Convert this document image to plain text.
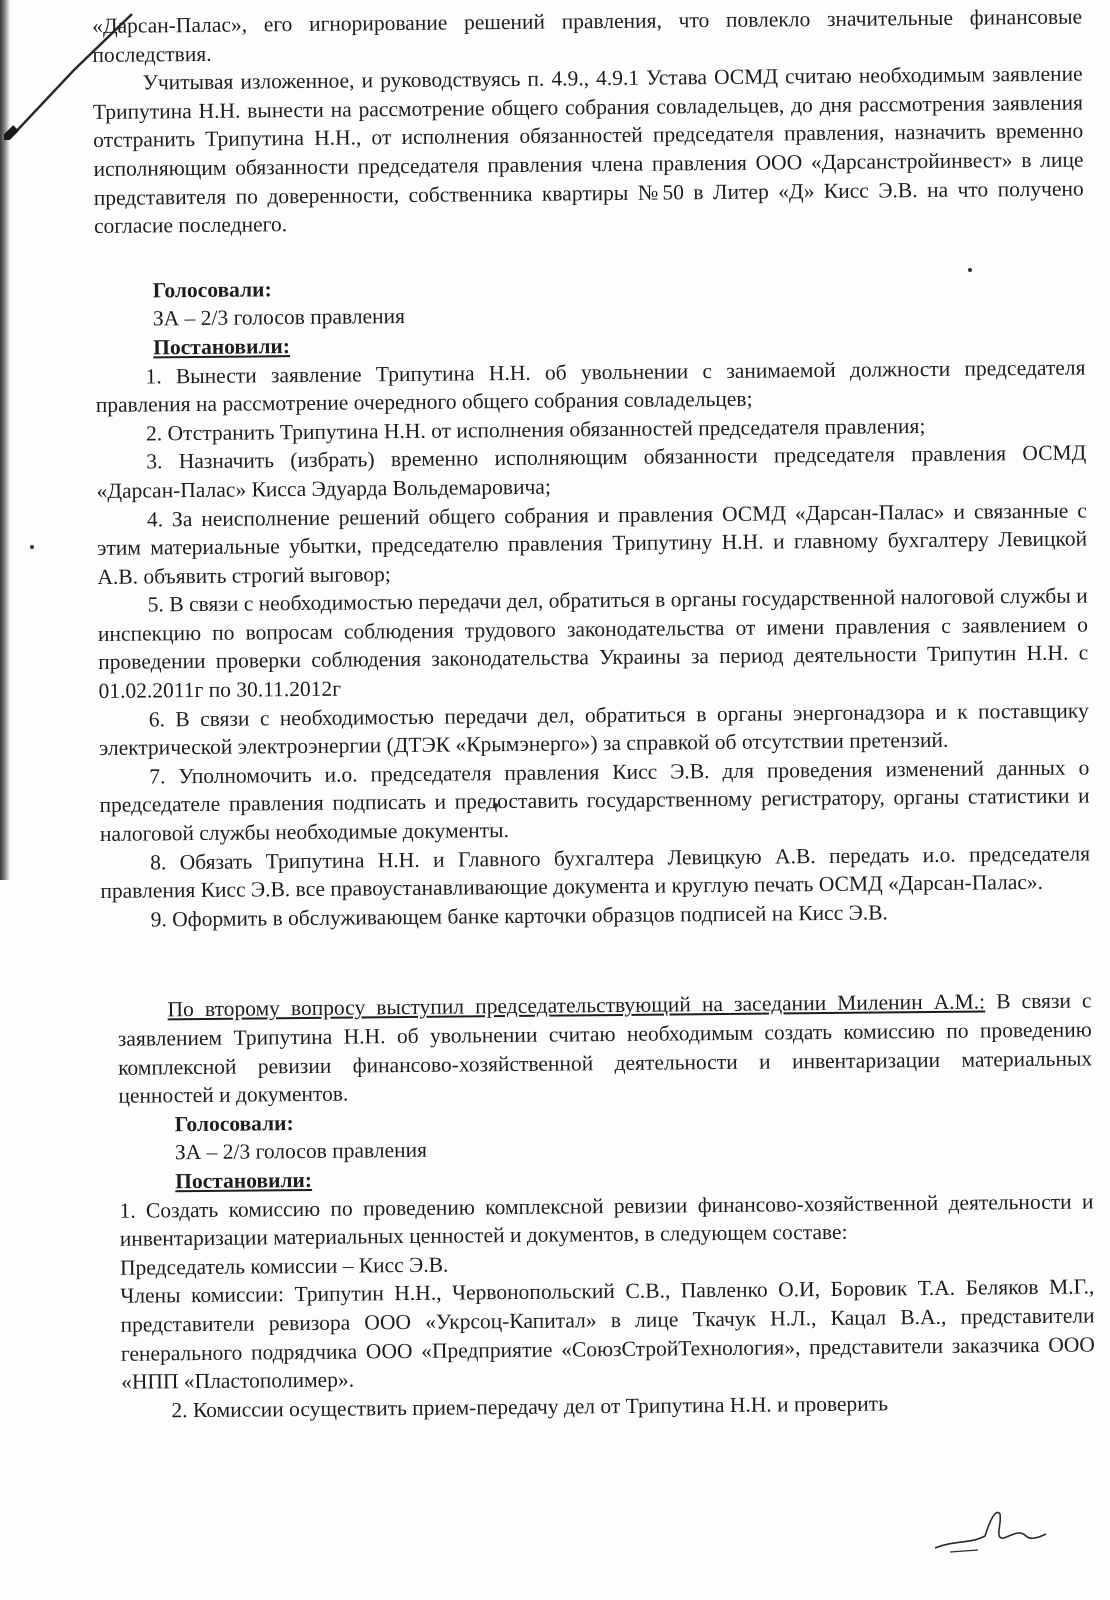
«Дарсан-Палас», его игнорирование решений правления, что повлекло значительные финансовые последствия.

Учитывая изложенное, и руководствуясь п. 4.9., 4.9.1 Устава ОСМД считаю необходимым заявление Трипутина Н.Н. вынести на рассмотрение общего собрания совладельцев, до дня рассмотрения заявления отстранить Трипутина Н.Н., от исполнения обязанностей председателя правления, назначить временно исполняющим обязанности председателя правления члена правления ООО «Дарсанстройинвест» в лице представителя по доверенности, собственника квартиры №50 в Литер «Д» Кисс Э.В. на что получено согласие последнего.

Голосовали:

ЗА – 2/3 голосов правления

Постановили:

1. Вынести заявление Трипутина Н.Н. об увольнении с занимаемой должности председателя правления на рассмотрение очередного общего собрания совладельцев;

2. Отстранить Трипутина Н.Н. от исполнения обязанностей председателя правления;

3. Назначить (избрать) временно исполняющим обязанности председателя правления ОСМД «Дарсан-Палас» Кисса Эдуарда Вольдемаровича;

4. За неисполнение решений общего собрания и правления ОСМД «Дарсан-Палас» и связанные с этим материальные убытки, председателю правления Трипутину Н.Н. и главному бухгалтеру Левицкой А.В. объявить строгий выговор;

5. В связи с необходимостью передачи дел, обратиться в органы государственной налоговой службы и инспекцию по вопросам соблюдения трудового законодательства от имени правления с заявлением о проведении проверки соблюдения законодательства Украины за период деятельности Трипутин Н.Н. с 01.02.2011г по 30.11.2012г

6. В связи с необходимостью передачи дел, обратиться в органы энергонадзора и к поставщику электрической электроэнергии (ДТЭК «Крымэнерго») за справкой об отсутствии претензий.

7. Уполномочить и.о. председателя правления Кисс Э.В. для проведения изменений данных о председателе правления подписать и предоставить государственному регистратору, органы статистики и налоговой службы необходимые документы.

8. Обязать Трипутина Н.Н. и Главного бухгалтера Левицкую А.В. передать и.о. председателя правления Кисс Э.В. все правоустанавливающие документа и круглую печать ОСМД «Дарсан-Палас».

9. Оформить в обслуживающем банке карточки образцов подписей на Кисс Э.В.

По второму вопросу выступил председательствующий на заседании Миленин А.М.: В связи с заявлением Трипутина Н.Н. об увольнении считаю необходимым создать комиссию по проведению комплексной ревизии финансово-хозяйственной деятельности и инвентаризации материальных ценностей и документов.

Голосовали:

ЗА – 2/3 голосов правления

Постановили:

1. Создать комиссию по проведению комплексной ревизии финансово-хозяйственной деятельности и инвентаризации материальных ценностей и документов, в следующем составе:

Председатель комиссии – Кисс Э.В.

Члены комиссии: Трипутин Н.Н., Червонопольский С.В., Павленко О.И, Боровик Т.А. Беляков М.Г., представители ревизора ООО «Укрсоц-Капитал» в лице Ткачук Н.Л., Кацал В.А., представители генерального подрядчика ООО «Предприятие «СоюзСтройТехнология», представители заказчика ООО «НПП «Пластополимер».

2. Комиссии осуществить прием-передачу дел от Трипутина Н.Н. и проверить
